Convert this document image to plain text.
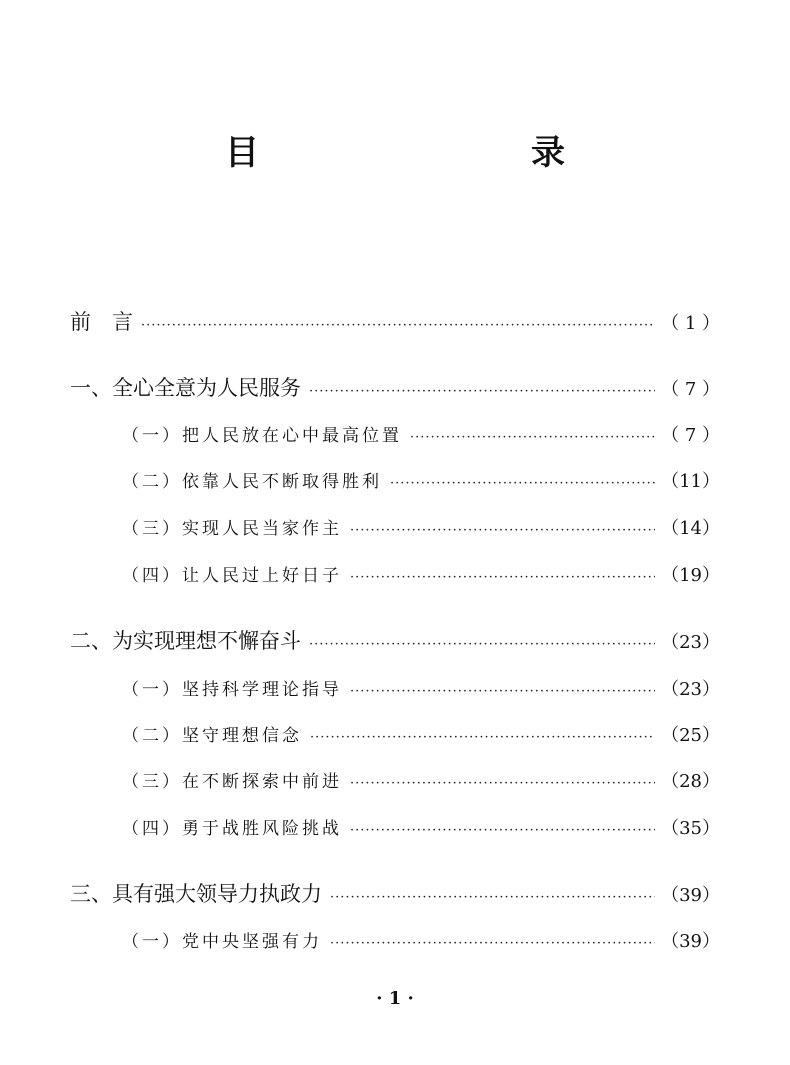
目　　录
前　言 ·····	（ 1 ）
一、全心全意为人民服务 ·····	（ 7 ）
（一）把人民放在心中最高位置 ·····	（ 7 ）
（二）依靠人民不断取得胜利 ·····	（11）
（三）实现人民当家作主 ·····	（14）
（四）让人民过上好日子 ·····	（19）
二、为实现理想不懈奋斗 ·····	（23）
（一）坚持科学理论指导 ·····	（23）
（二）坚守理想信念 ·····	（25）
（三）在不断探索中前进 ·····	（28）
（四）勇于战胜风险挑战 ·····	（35）
三、具有强大领导力执政力 ·····	（39）
（一）党中央坚强有力 ·····	（39）
· 1 ·
